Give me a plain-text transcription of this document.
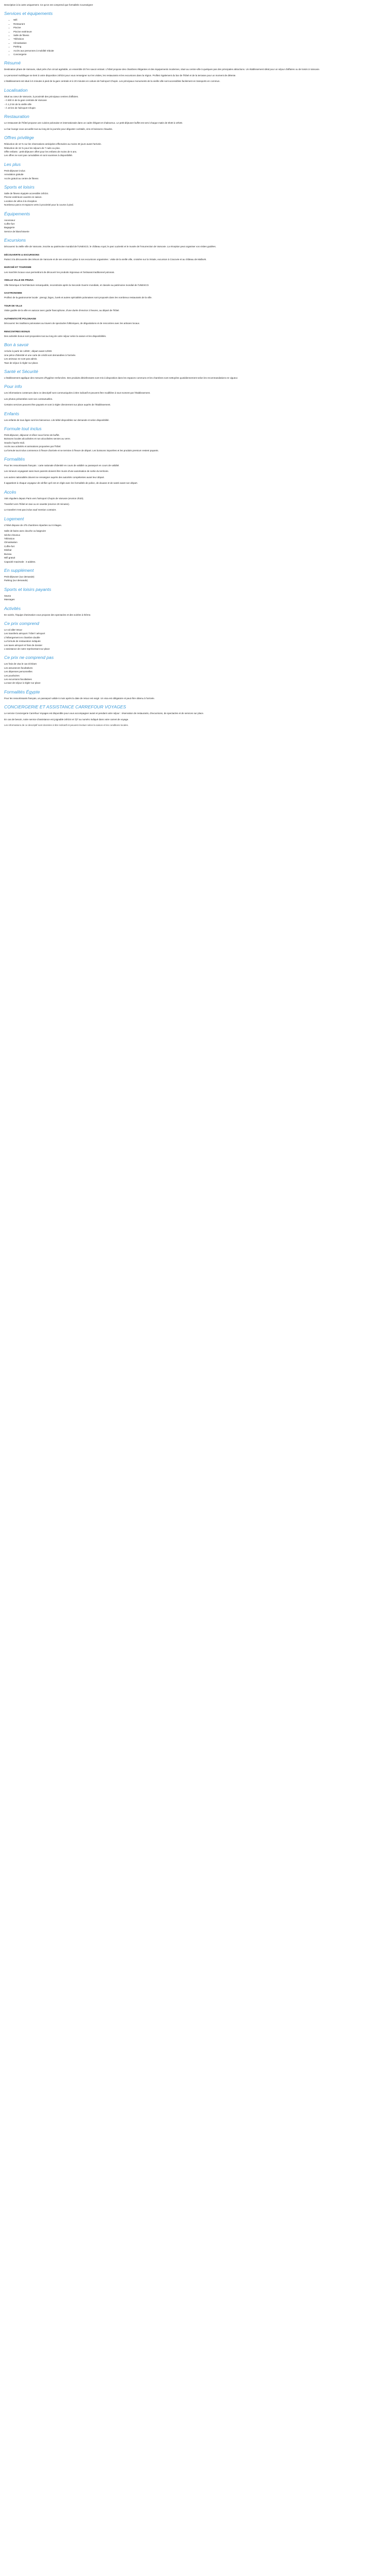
Description à la carte uniquement. Ce qu'on est comprend que formalités Counseigner

Services et équipements
• Wifi
• Restaurant
• Piscine
• Piscine extérieure
• Salle de fitness
• Télévision
• Climatisation
• Parking
• Accès aux personnes à mobilité réduite
• Conciergerie
Résumé

Destination phare de Varsovie, situé près d'un circuit agréable, un ensemble 20 l'en savoir entrant. L'hôtel propose des chambres élégantes et des équipements modernes, situé au centre-ville à quelques pas des principales attractions. Un établissement idéal pour un séjour d'affaires ou de loisirs à Varsovie.

Le personnel multilingue se tient à votre disposition 24h/24 pour vous renseigner sur les visites, les restaurants et les excursions dans la région. Profitez également du bar de l'hôtel et de la terrasse pour un moment de détente.

L'établissement est situé à 5 minutes à pied de la gare centrale et à 20 minutes en voiture de l'aéroport Chopin. Les principaux monuments de la vieille ville sont accessibles facilement en transports en commun.

Localisation

Situé au cœur de Varsovie, à proximité des principaux centres d'affaires.

- À 500 m de la gare centrale de Varsovie

- À 1,2 km de la vieille ville

- À 10 km de l'aéroport Chopin

Restauration

Le restaurant de l'hôtel propose une cuisine polonaise et internationale dans un cadre élégant et chaleureux. Le petit-déjeuner buffet est servi chaque matin de 6h30 à 10h30.

Le bar lounge vous accueille tout au long de la journée pour déguster cocktails, vins et boissons chaudes.

Offres privilège

Réduction de 10 % sur les réservations anticipées effectuées au moins 30 jours avant l'arrivée.

Réduction de 15 % pour les séjours de 7 nuits ou plus.

Offre enfants : petit-déjeuner offert pour les enfants de moins de 6 ans.

Les offres ne sont pas cumulables et sont soumises à disponibilité.

Les plus

Petit-déjeuner inclus

Annulation gratuite

Accès gratuit au centre de fitness

Sports et loisirs

Salle de fitness équipée accessible 24h/24.

Piscine extérieure ouverte en saison.

Location de vélos à la réception.

Nombreux parcs et espaces verts à proximité pour la course à pied.

Équipements

Ascenseur

Coffre-fort

Bagagerie

Service de blanchisserie

Excursions

Découvrez la vieille ville de Varsovie, inscrite au patrimoine mondial de l'UNESCO, le château royal, le parc Łazienki et le musée de l'Insurrection de Varsovie. La réception peut organiser vos visites guidées.

DÉCOUVERTE & EXCURSIONS

Partez à la découverte des trésors de Varsovie et de ses environs grâce à nos excursions organisées : visite de la vieille ville, croisière sur la Vistule, excursion à Cracovie et au château de Malbork.

MARCHÉ ET TOURISME

Les marchés locaux vous permettront de découvrir les produits régionaux et l'artisanat traditionnel polonais.

VIEILLE VILLE DE PRUNA

Ville historique à l'architecture remarquable, reconstruite après la Seconde Guerre mondiale, et classée au patrimoine mondial de l'UNESCO.

GASTRONOMIE

Profitez de la gastronomie locale : pierogi, bigos, żurek et autres spécialités polonaises sont proposés dans les nombreux restaurants de la ville.

TOUR DE VILLE

Visite guidée de la ville en autocar avec guide francophone, d'une durée d'environ 3 heures, au départ de l'hôtel.

AUTHENTICITÉ POLONAISE

Découvrez les traditions polonaises au travers de spectacles folkloriques, de dégustations et de rencontres avec les artisans locaux.

RENCONTRES BONUS

Des activités bonus sont proposées tout au long de votre séjour selon la saison et les disponibilités.

Bon à savoir

Arrivée à partir de 14h00 ; départ avant 12h00.

Une pièce d'identité et une carte de crédit sont demandées à l'arrivée.

Les animaux ne sont pas admis.

Taxe de séjour à régler sur place.

Santé et Sécurité

L'établissement applique des mesures d'hygiène renforcées. Des produits désinfectants sont mis à disposition dans les espaces communs et les chambres sont nettoyées quotidiennement selon les recommandations en vigueur.

Pour info

Les informations contenues dans ce descriptif sont communiquées à titre indicatif et peuvent être modifiées à tout moment par l'établissement.

Les photos présentées sont non contractuelles.

Certains services peuvent être payants et sont à régler directement sur place auprès de l'établissement.

Enfants

Les enfants de tous âges sont les bienvenus. Lits bébé disponibles sur demande et selon disponibilité.

Formule tout inclus

Petit-déjeuner, déjeuner et dîner sous forme de buffet.

Boissons locales alcoolisées et non alcoolisées servies au verre.

Snacks l'après-midi.

Accès aux activités et animations proposées par l'hôtel.

La formule tout inclus commence à l'heure d'arrivée et se termine à l'heure de départ. Les boissons importées et les produits premium restent payants.

Formalités

Pour les ressortissants français : carte nationale d'identité en cours de validité ou passeport en cours de validité.

Les mineurs voyageant sans leurs parents doivent être munis d'une autorisation de sortie du territoire.

Les autres nationalités doivent se renseigner auprès des autorités compétentes avant leur départ.

Il appartient à chaque voyageur de vérifier qu'il est en règle avec les formalités de police, de douane et de santé avant son départ.

Accès

Vols réguliers depuis Paris vers l'aéroport Chopin de Varsovie (environ 2h20).

Transfert vers l'hôtel en taxi ou en navette (environ 20 minutes).

Le transfert n'est pas inclus sauf mention contraire.

Logement

L'hôtel dispose de 475 chambres réparties sur 8 étages.

Salle de bains avec douche ou baignoire

Sèche-cheveux

Télévision

Climatisation

Coffre-fort

Minibar

Bureau

Wifi gratuit

Capacité maximale : 3 adultes.

En supplément

Petit-déjeuner (sur demande)

Parking (sur demande)

Sports et loisirs payants

Sauna

Massages

Activités

En soirée, l'équipe d'animation vous propose des spectacles et des soirées à thème.

Ce prix comprend

Le vol aller-retour

Les transferts aéroport / hôtel / aéroport

L'hébergement en chambre double

La formule de restauration indiquée

Les taxes aéroport et frais de dossier

L'assistance de notre représentant sur place

Ce prix ne comprend pas

Les frais de visa le cas échéant

Les assurances facultatives

Les dépenses personnelles

Les pourboires

Les excursions facultatives

La taxe de séjour à régler sur place

Formalités Égypte

Pour les ressortissants français, un passeport valide 6 mois après la date de retour est exigé. Un visa est obligatoire et peut être obtenu à l'arrivée.

CONCIERGERIE ET ASSISTANCE CARREFOUR VOYAGES

Le service Conciergerie Carrefour Voyages est disponible pour vous accompagner avant et pendant votre séjour : réservation de restaurants, d'excursions, de spectacles et de services sur place.

En cas de besoin, notre service d'assistance est joignable 24h/24 et 7j/7 au numéro indiqué dans votre carnet de voyage.

Les informations de ce descriptif sont données à titre indicatif et peuvent évoluer selon la saison et les conditions locales.
